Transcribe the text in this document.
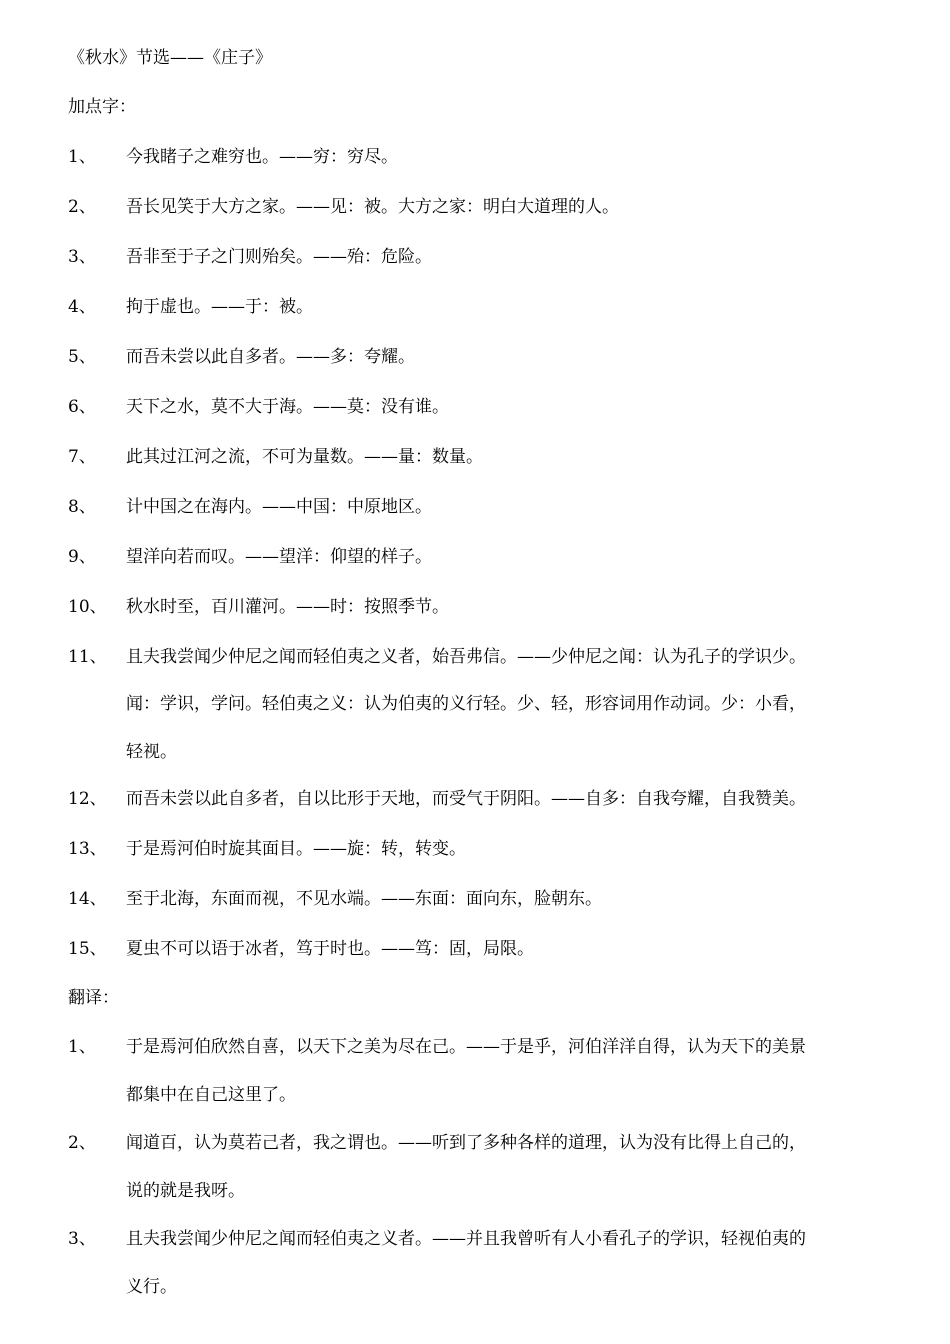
《秋水》节选——《庄子》
加点字：
1、 今我睹子之难穷也。——穷：穷尽。
2、 吾长见笑于大方之家。——见：被。大方之家：明白大道理的人。
3、 吾非至于子之门则殆矣。——殆：危险。
4、 拘于虚也。——于：被。
5、 而吾未尝以此自多者。——多：夸耀。
6、 天下之水，莫不大于海。——莫：没有谁。
7、 此其过江河之流，不可为量数。——量：数量。
8、 计中国之在海内。——中国：中原地区。
9、 望洋向若而叹。——望洋：仰望的样子。
10、 秋水时至，百川灌河。——时：按照季节。
11、 且夫我尝闻少仲尼之闻而轻伯夷之义者，始吾弗信。——少仲尼之闻：认为孔子的学识少。
闻：学识，学问。轻伯夷之义：认为伯夷的义行轻。少、轻，形容词用作动词。少：小看，
轻视。
12、 而吾未尝以此自多者，自以比形于天地，而受气于阴阳。——自多：自我夸耀，自我赞美。
13、 于是焉河伯时旋其面目。——旋：转，转变。
14、 至于北海，东面而视，不见水端。——东面：面向东，脸朝东。
15、 夏虫不可以语于冰者，笃于时也。——笃：固，局限。
翻译：
1、 于是焉河伯欣然自喜，以天下之美为尽在己。——于是乎，河伯洋洋自得，认为天下的美景
都集中在自己这里了。
2、 闻道百，认为莫若己者，我之谓也。——听到了多种各样的道理，认为没有比得上自己的，
说的就是我呀。
3、 且夫我尝闻少仲尼之闻而轻伯夷之义者。——并且我曾听有人小看孔子的学识，轻视伯夷的
义行。
